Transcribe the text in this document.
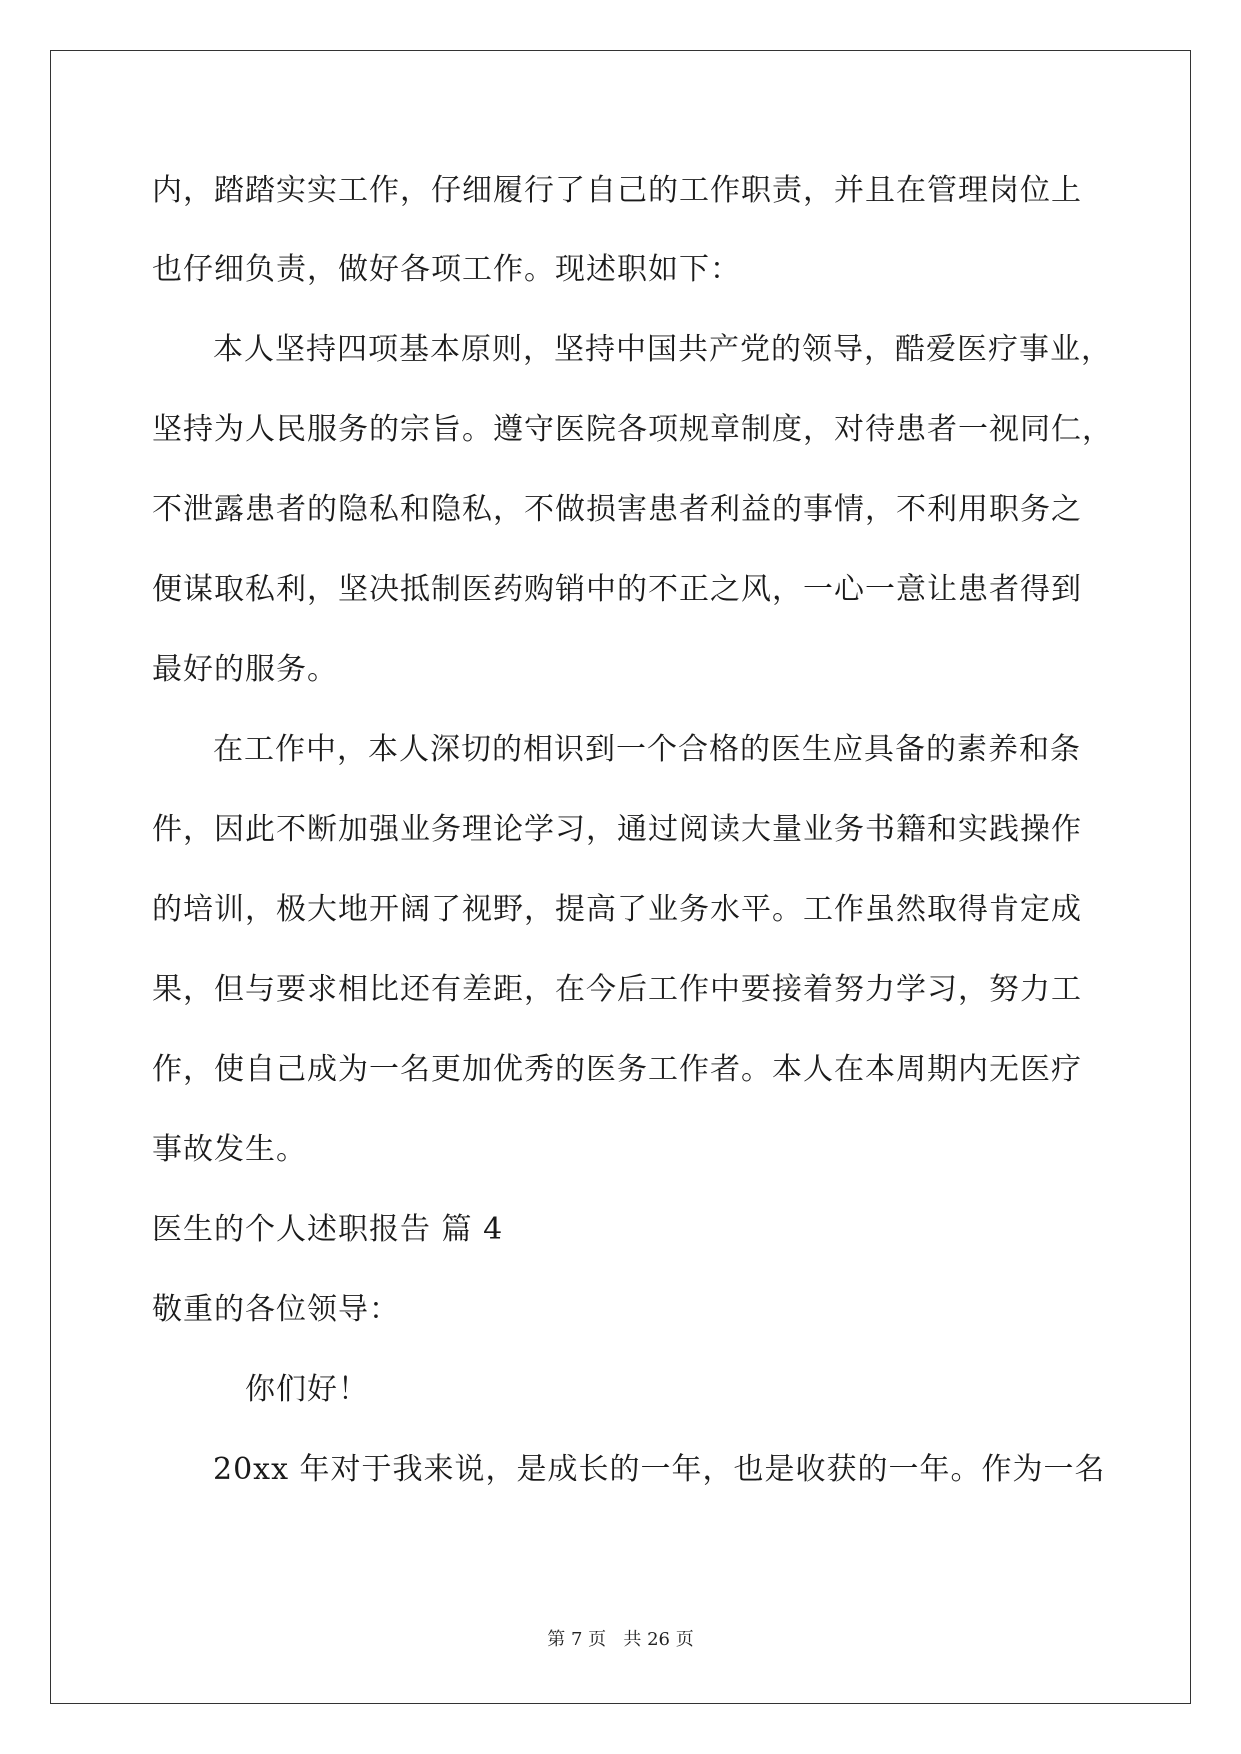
内，踏踏实实工作，仔细履行了自己的工作职责，并且在管理岗位上
也仔细负责，做好各项工作。现述职如下：
本人坚持四项基本原则，坚持中国共产党的领导，酷爱医疗事业，
坚持为人民服务的宗旨。遵守医院各项规章制度，对待患者一视同仁，
不泄露患者的隐私和隐私，不做损害患者利益的事情，不利用职务之
便谋取私利，坚决抵制医药购销中的不正之风，一心一意让患者得到
最好的服务。
在工作中，本人深切的相识到一个合格的医生应具备的素养和条
件，因此不断加强业务理论学习，通过阅读大量业务书籍和实践操作
的培训，极大地开阔了视野，提高了业务水平。工作虽然取得肯定成
果，但与要求相比还有差距，在今后工作中要接着努力学习，努力工
作，使自己成为一名更加优秀的医务工作者。本人在本周期内无医疗
事故发生。
医生的个人述职报告 篇 4
敬重的各位领导：
你们好！
20xx 年对于我来说，是成长的一年，也是收获的一年。作为一名
第 7 页 共 26 页
